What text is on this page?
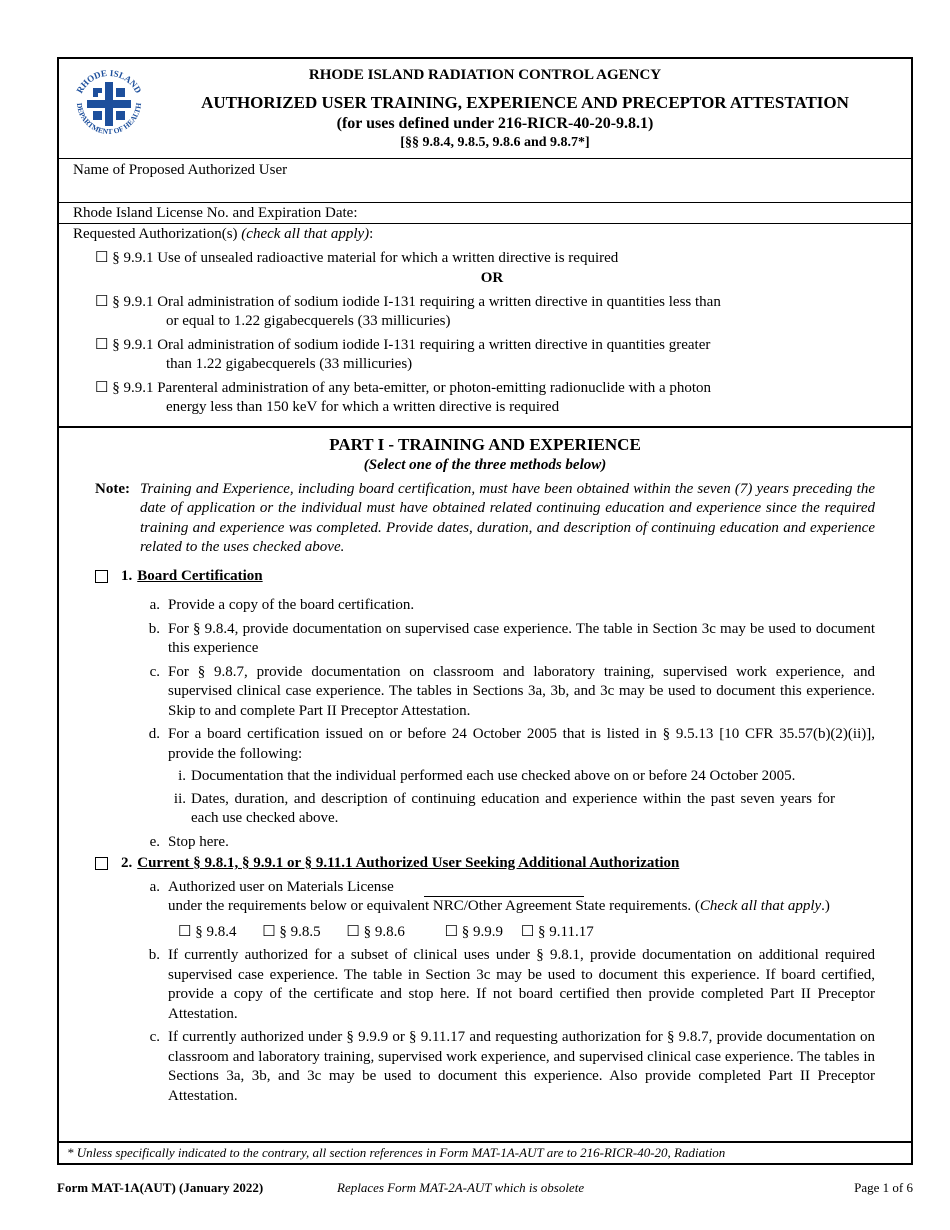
RHODE ISLAND
DEPARTMENT OF HEALTH
RHODE ISLAND RADIATION CONTROL AGENCY
AUTHORIZED USER TRAINING, EXPERIENCE AND PRECEPTOR ATTESTATION
(for uses defined under 216-RICR-40-20-9.8.1)
[§§ 9.8.4, 9.8.5, 9.8.6 and 9.8.7*]
Name of Proposed Authorized User
Rhode Island License No. and Expiration Date:
Requested Authorization(s) (check all that apply):
☐ § 9.9.1 Use of unsealed radioactive material for which a written directive is required
OR
☐ § 9.9.1 Oral administration of sodium iodide I-131 requiring a written directive in quantities less than
or equal to 1.22 gigabecquerels (33 millicuries)
☐ § 9.9.1 Oral administration of sodium iodide I-131 requiring a written directive in quantities greater
than 1.22 gigabecquerels (33 millicuries)
☐ § 9.9.1 Parenteral administration of any beta-emitter, or photon-emitting radionuclide with a photon
energy less than 150 keV for which a written directive is required
PART I - TRAINING AND EXPERIENCE
(Select one of the three methods below)
Note: Training and Experience, including board certification, must have been obtained within the seven (7) years preceding the date of application or the individual must have obtained related continuing education and experience since the required training and experience was completed. Provide dates, duration, and description of continuing education and experience related to the uses checked above.
1. Board Certification
a. Provide a copy of the board certification.
b. For § 9.8.4, provide documentation on supervised case experience. The table in Section 3c may be used to document this experience
c. For § 9.8.7, provide documentation on classroom and laboratory training, supervised work experience, and supervised clinical case experience. The tables in Sections 3a, 3b, and 3c may be used to document this experience. Skip to and complete Part II Preceptor Attestation.
d. For a board certification issued on or before 24 October 2005 that is listed in § 9.5.13 [10 CFR 35.57(b)(2)(ii)], provide the following:
i. Documentation that the individual performed each use checked above on or before 24 October 2005.
ii. Dates, duration, and description of continuing education and experience within the past seven years for each use checked above.
e. Stop here.
2. Current § 9.8.1, § 9.9.1 or § 9.11.1 Authorized User Seeking Additional Authorization
a. Authorized user on Materials License
under the requirements below or equivalent NRC/Other Agreement State requirements. (Check all that apply.)
☐ § 9.8.4 ☐ § 9.8.5 ☐ § 9.8.6	☐ § 9.9.9 ☐ § 9.11.17
b. If currently authorized for a subset of clinical uses under § 9.8.1, provide documentation on additional required supervised case experience. The table in Section 3c may be used to document this experience. If board certified, provide a copy of the certificate and stop here. If not board certified then provide completed Part II Preceptor Attestation.
c. If currently authorized under § 9.9.9 or § 9.11.17 and requesting authorization for § 9.8.7, provide documentation on classroom and laboratory training, supervised work experience, and supervised clinical case experience. The tables in Sections 3a, 3b, and 3c may be used to document this experience. Also provide completed Part II Preceptor Attestation.
* Unless specifically indicated to the contrary, all section references in Form MAT-1A-AUT are to 216-RICR-40-20, Radiation
Form MAT-1A(AUT) (January 2022)	Replaces Form MAT-2A-AUT which is obsolete	Page 1 of 6
